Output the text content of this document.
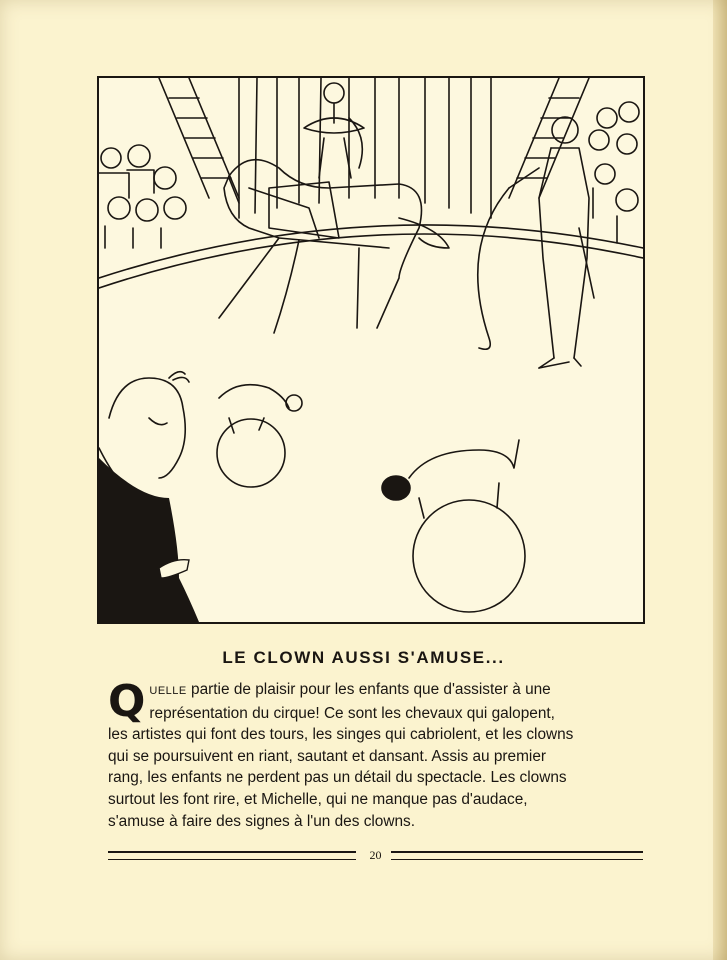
LE CLOWN AUSSI S'AMUSE...
Q UELLE partie de plaisir pour les enfants que d'assister à une
représentation du cirque! Ce sont les chevaux qui galopent,
les artistes qui font des tours, les singes qui cabriolent, et les clowns
qui se poursuivent en riant, sautant et dansant. Assis au premier
rang, les enfants ne perdent pas un détail du spectacle. Les clowns
surtout les font rire, et Michelle, qui ne manque pas d'audace,
s'amuse à faire des signes à l'un des clowns.
20
